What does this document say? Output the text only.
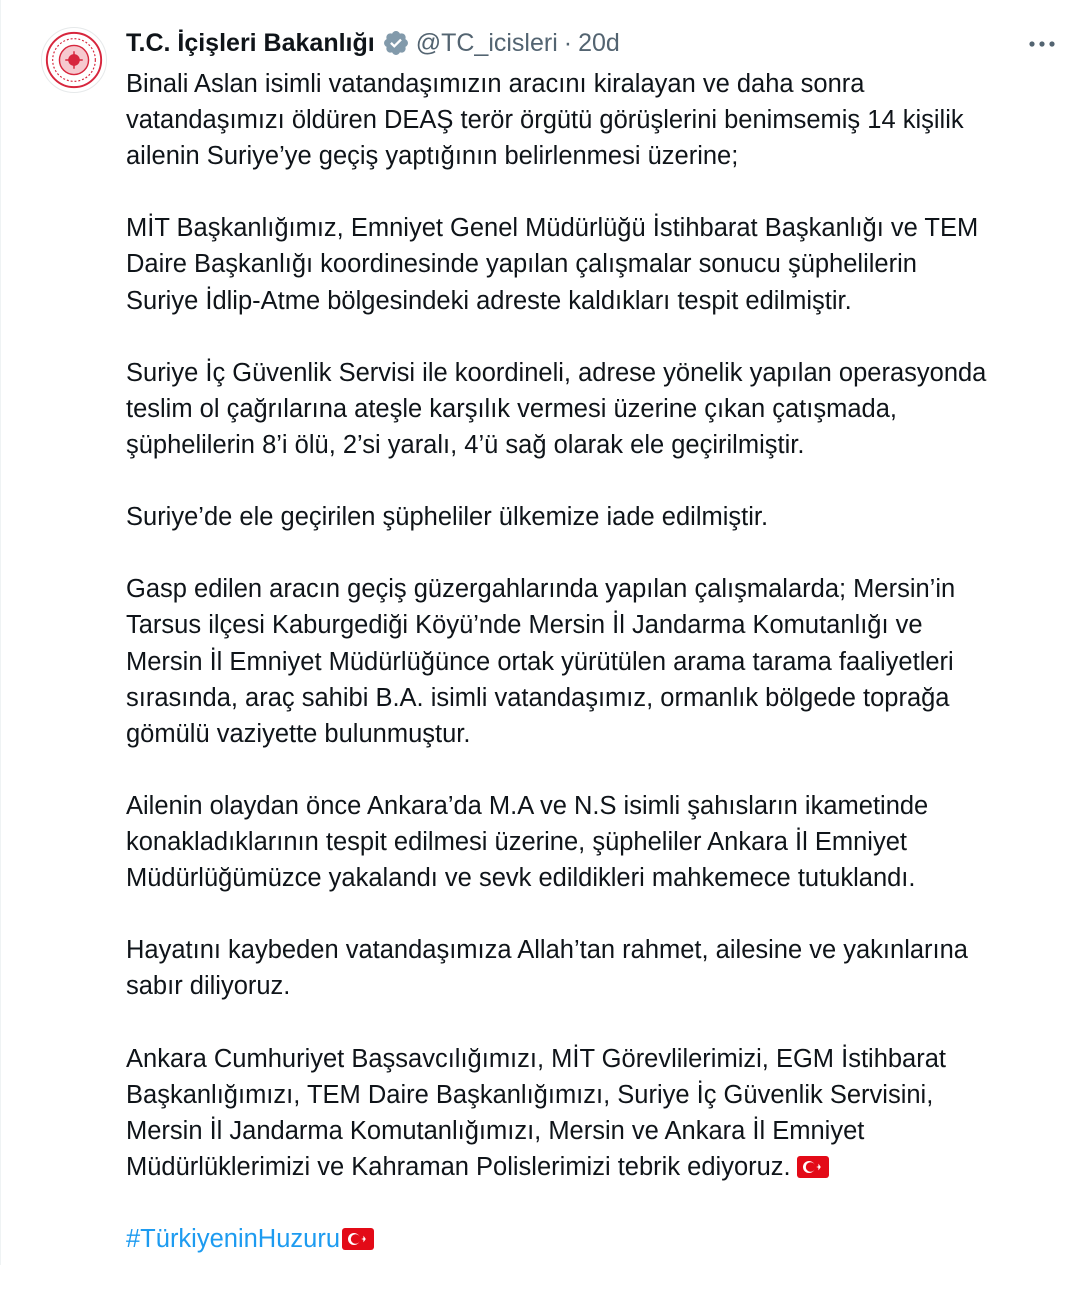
T.C. İçişleri Bakanlığı @TC_icisleri · 20d
Binali Aslan isimli vatandaşımızın aracını kiralayan ve daha sonra
vatandaşımızı öldüren DEAŞ terör örgütü görüşlerini benimsemiş 14 kişilik
ailenin Suriye’ye geçiş yaptığının belirlenmesi üzerine;
MİT Başkanlığımız, Emniyet Genel Müdürlüğü İstihbarat Başkanlığı ve TEM
Daire Başkanlığı koordinesinde yapılan çalışmalar sonucu şüphelilerin
Suriye İdlip-Atme bölgesindeki adreste kaldıkları tespit edilmiştir.
Suriye İç Güvenlik Servisi ile koordineli, adrese yönelik yapılan operasyonda
teslim ol çağrılarına ateşle karşılık vermesi üzerine çıkan çatışmada,
şüphelilerin 8’i ölü, 2’si yaralı, 4’ü sağ olarak ele geçirilmiştir.
Suriye’de ele geçirilen şüpheliler ülkemize iade edilmiştir.
Gasp edilen aracın geçiş güzergahlarında yapılan çalışmalarda; Mersin’in
Tarsus ilçesi Kaburgediği Köyü’nde Mersin İl Jandarma Komutanlığı ve
Mersin İl Emniyet Müdürlüğünce ortak yürütülen arama tarama faaliyetleri
sırasında, araç sahibi B.A. isimli vatandaşımız, ormanlık bölgede toprağa
gömülü vaziyette bulunmuştur.
Ailenin olaydan önce Ankara’da M.A ve N.S isimli şahısların ikametinde
konakladıklarının tespit edilmesi üzerine, şüpheliler Ankara İl Emniyet
Müdürlüğümüzce yakalandı ve sevk edildikleri mahkemece tutuklandı.
Hayatını kaybeden vatandaşımıza Allah’tan rahmet, ailesine ve yakınlarına
sabır diliyoruz.
Ankara Cumhuriyet Başsavcılığımızı, MİT Görevlilerimizi, EGM İstihbarat
Başkanlığımızı, TEM Daire Başkanlığımızı, Suriye İç Güvenlik Servisini,
Mersin İl Jandarma Komutanlığımızı, Mersin ve Ankara İl Emniyet
Müdürlüklerimizi ve Kahraman Polislerimizi tebrik ediyoruz.
#TürkiyeninHuzuru
